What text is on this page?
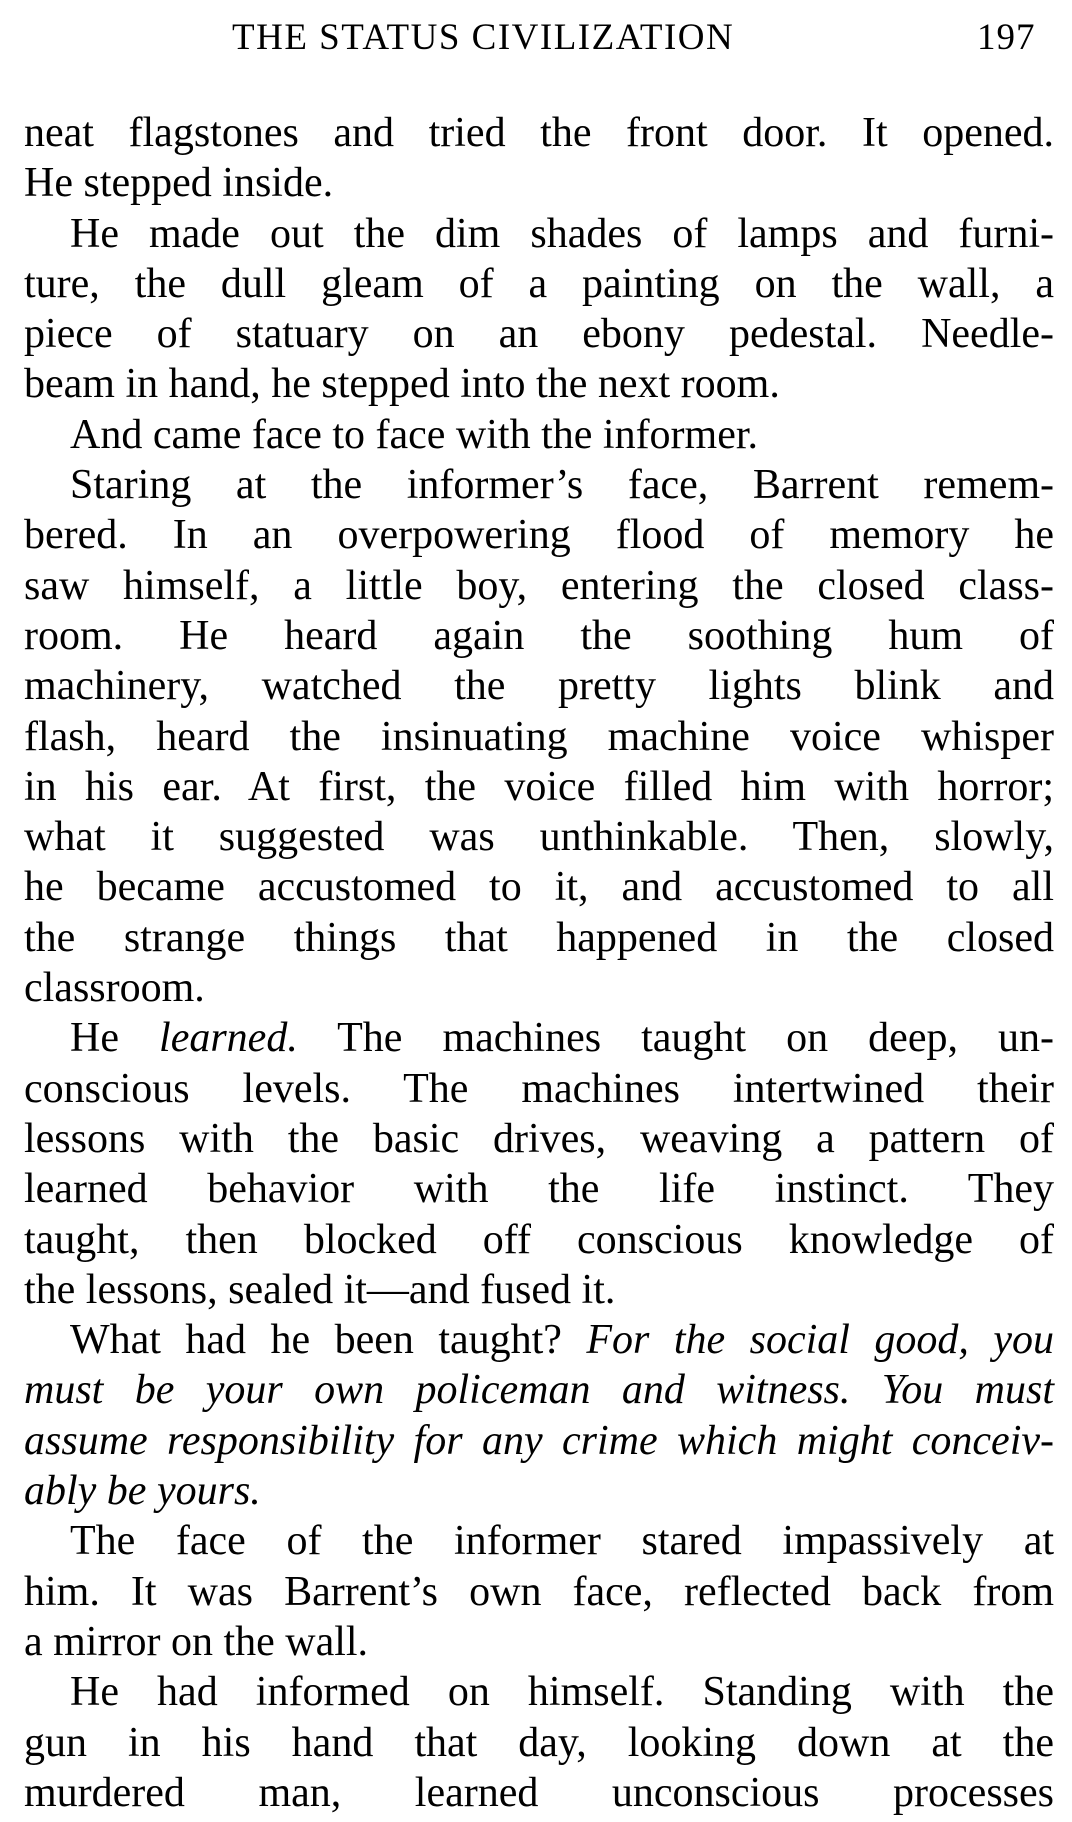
THE STATUS CIVILIZATION	197
neat flagstones and tried the front door. It opened.
He stepped inside.
He made out the dim shades of lamps and furni-
ture, the dull gleam of a painting on the wall, a
piece of statuary on an ebony pedestal. Needle-
beam in hand, he stepped into the next room.
And came face to face with the informer.
Staring at the informer’s face, Barrent remem-
bered. In an overpowering flood of memory he
saw himself, a little boy, entering the closed class-
room. He heard again the soothing hum of
machinery, watched the pretty lights blink and
flash, heard the insinuating machine voice whisper
in his ear. At first, the voice filled him with horror;
what it suggested was unthinkable. Then, slowly,
he became accustomed to it, and accustomed to all
the strange things that happened in the closed
classroom.
He learned. The machines taught on deep, un-
conscious levels. The machines intertwined their
lessons with the basic drives, weaving a pattern of
learned behavior with the life instinct. They
taught, then blocked off conscious knowledge of
the lessons, sealed it—and fused it.
What had he been taught? For the social good, you
must be your own policeman and witness. You must
assume responsibility for any crime which might conceiv-
ably be yours.
The face of the informer stared impassively at
him. It was Barrent’s own face, reflected back from
a mirror on the wall.
He had informed on himself. Standing with the
gun in his hand that day, looking down at the
murdered man, learned unconscious processes
